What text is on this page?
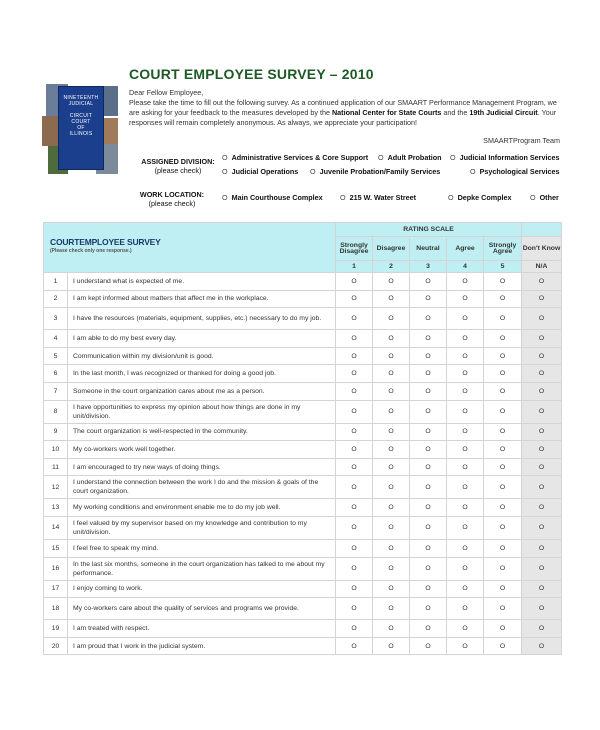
NINETEENTH
JUDICIAL
CIRCUIT
COURT
OF
ILLINOIS
COURT EMPLOYEE SURVEY – 2010
Dear Fellow Employee,
Please take the time to fill out the following survey. As a continued application of our SMAART Performance Management Program, we are asking for your feedback to the measures developed by the National Center for State Courts and the 19th Judicial Circuit. Your responses will remain completely anonymous. As always, we appreciate your participation!
SMAARTProgram Team
ASSIGNED DIVISION:
(please check)
O Administrative Services & Core Support O Adult Probation O Judicial Information Services
O Judicial Operations O Juvenile Probation/Family Services	O Psychological Services
WORK LOCATION:
(please check)
O Main Courthouse Complex O 215 W. Water Street	O Depke Complex	O Other
COURTEMPLOYEE SURVEY
(Please check only one response.)		RATING SCALE					
		Strongly Disagree	Disagree	Neutral	Agree	Strongly Agree	Don't Know
		1	2	3	4	5	N/A
1	I understand what is expected of me.	O	O	O	O	O	O
2	I am kept informed about matters that affect me in the workplace.	O	O	O	O	O	O
3	I have the resources (materials, equipment, supplies, etc.) necessary to do my job.	O	O	O	O	O	O
4	I am able to do my best every day.	O	O	O	O	O	O
5	Communication within my division/unit is good.	O	O	O	O	O	O
6	In the last month, I was recognized or thanked for doing a good job.	O	O	O	O	O	O
7	Someone in the court organization cares about me as a person.	O	O	O	O	O	O
8	I have opportunities to express my opinion about how things are done in my unit/division.	O	O	O	O	O	O
9	The court organization is well-respected in the community.	O	O	O	O	O	O
10	My co-workers work well together.	O	O	O	O	O	O
11	I am encouraged to try new ways of doing things.	O	O	O	O	O	O
12	I understand the connection between the work I do and the mission & goals of the court organization.	O	O	O	O	O	O
13	My working conditions and environment enable me to do my job well.	O	O	O	O	O	O
14	I feel valued by my supervisor based on my knowledge and contribution to my unit/division.	O	O	O	O	O	O
15	I feel free to speak my mind.	O	O	O	O	O	O
16	In the last six months, someone in the court organization has talked to me about my performance.	O	O	O	O	O	O
17	I enjoy coming to work.	O	O	O	O	O	O
18	My co-workers care about the quality of services and programs we provide.	O	O	O	O	O	O
19	I am treated with respect.	O	O	O	O	O	O
20	I am proud that I work in the judicial system.	O	O	O	O	O	O
